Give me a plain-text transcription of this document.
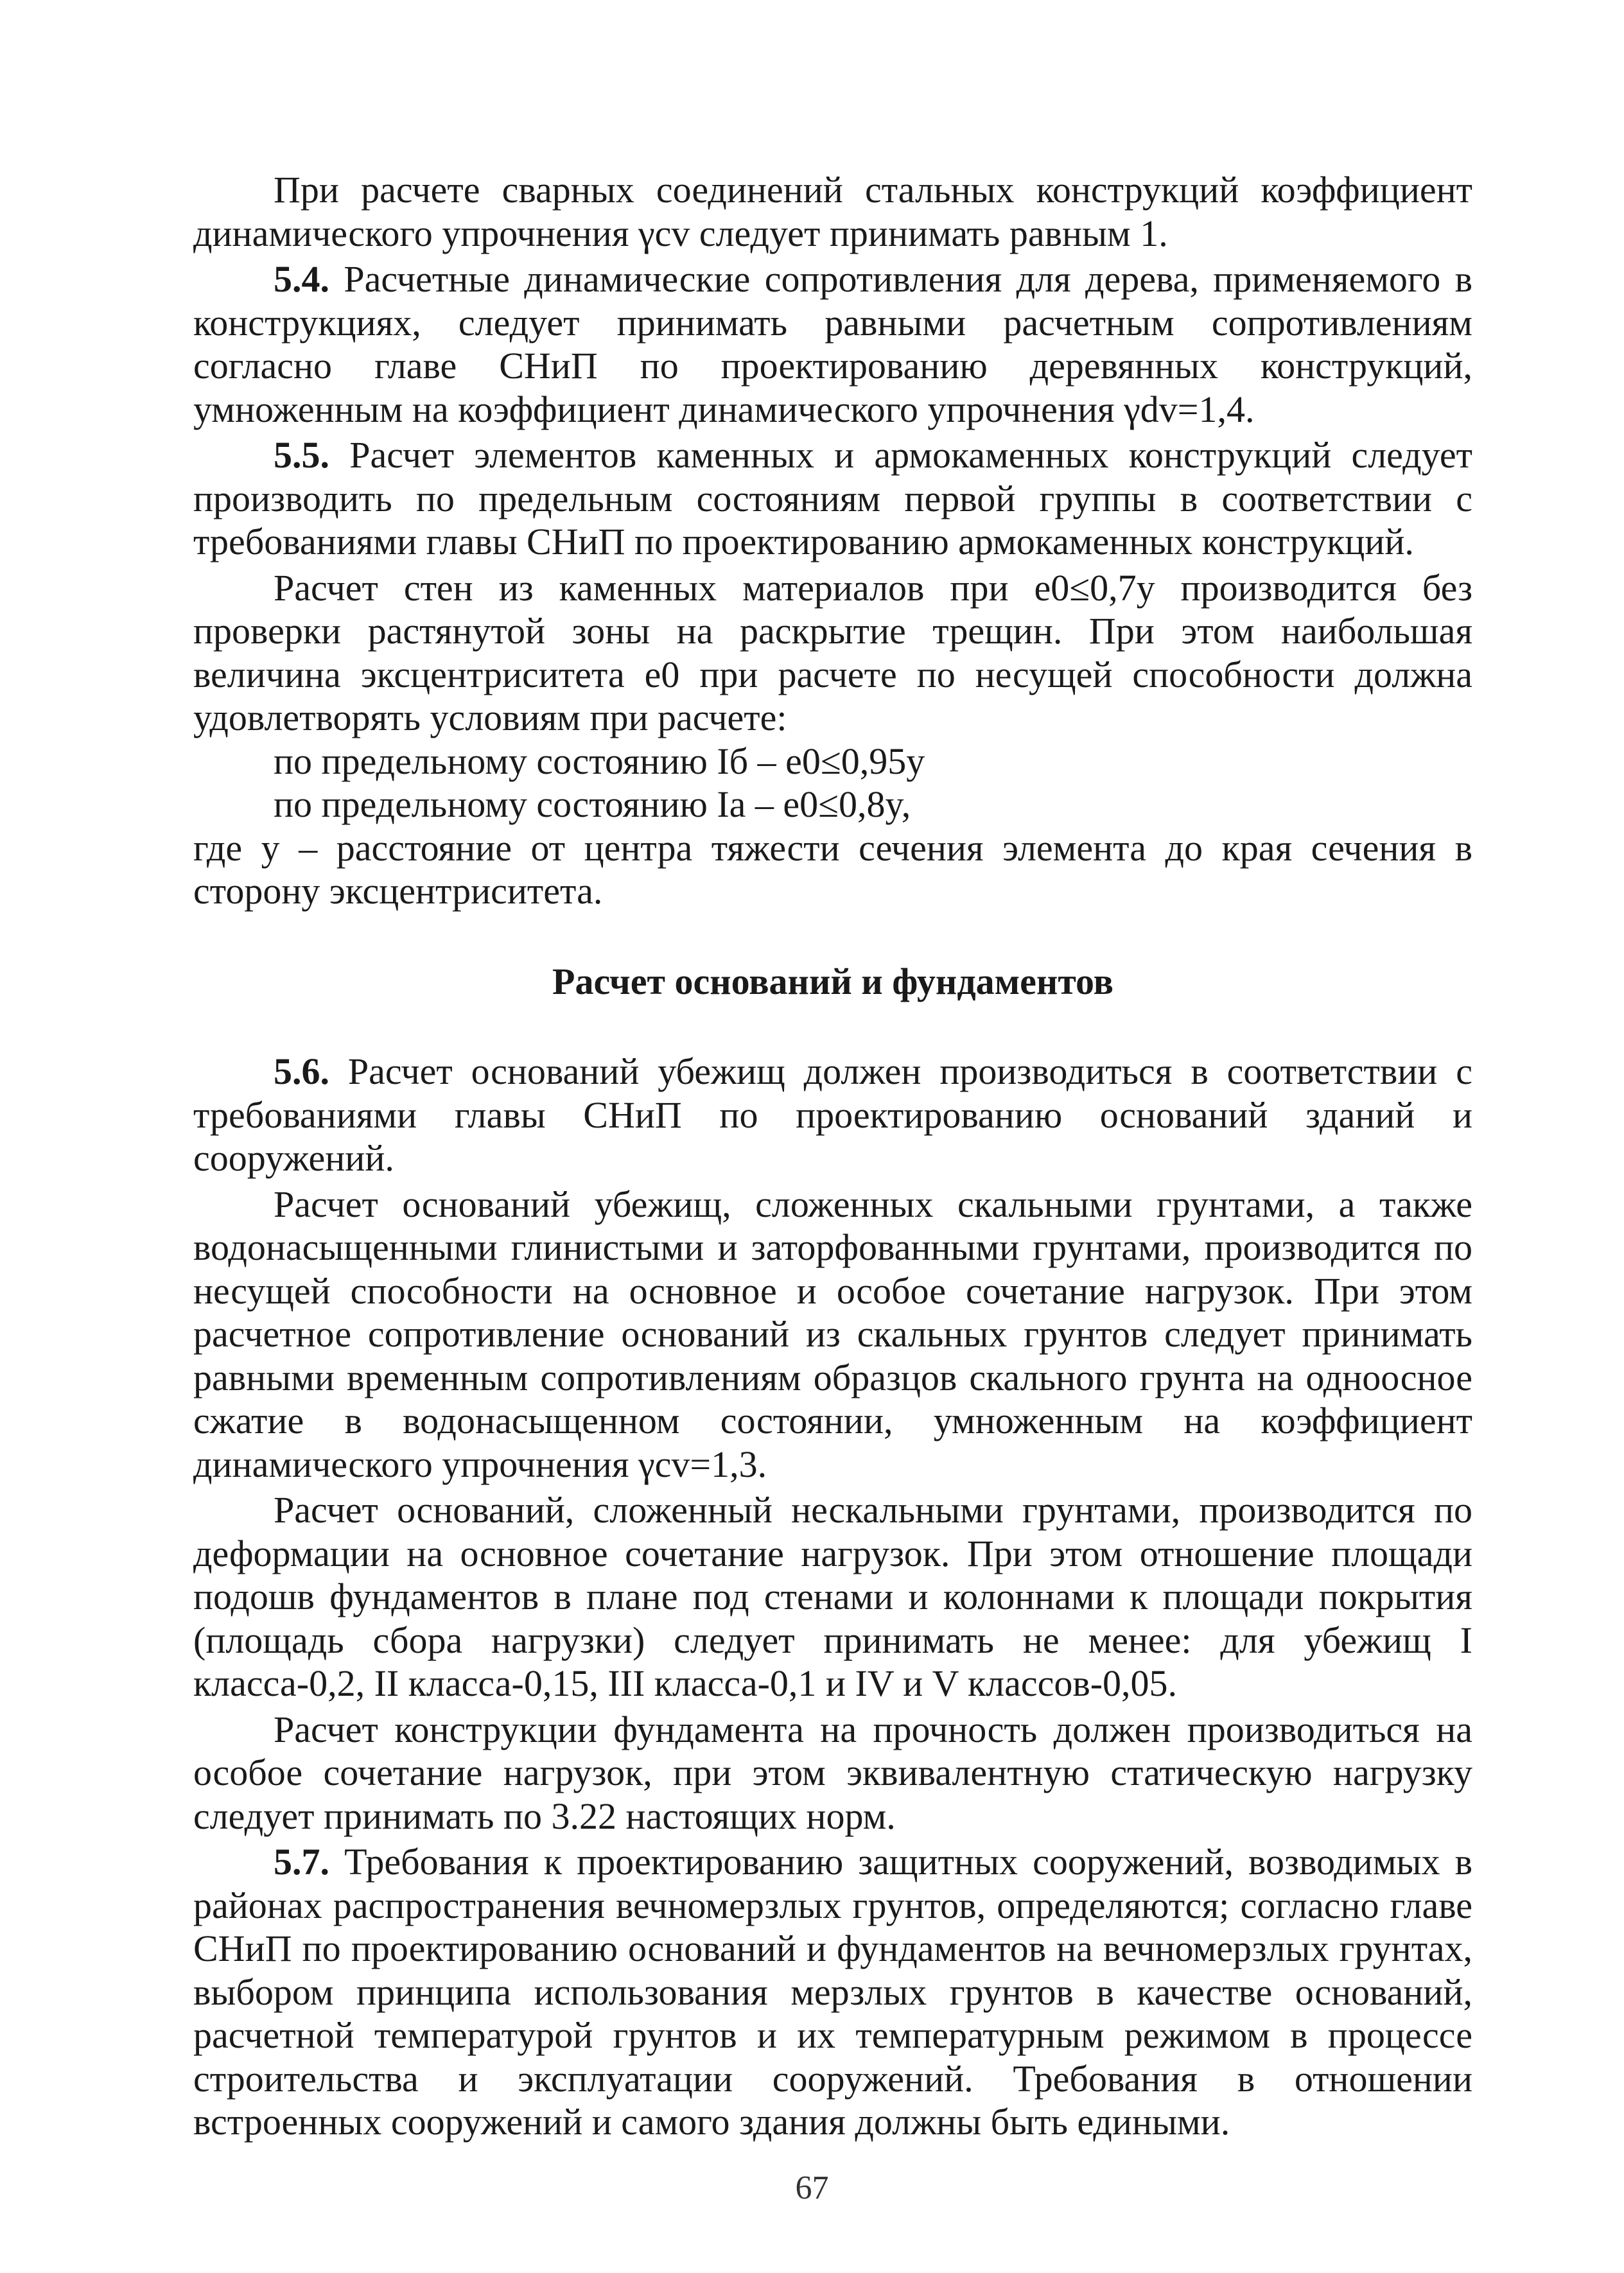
При расчете сварных соединений стальных конструкций коэффициент динамического упрочнения γсv следует принимать равным 1.

5.4. Расчетные динамические сопротивления для дерева, применяемого в конструкциях, следует принимать равными расчетным сопротивлениям согласно главе СНиП по проектированию деревянных конструкций, умноженным на коэффициент динамического упрочнения γdv=1,4.

5.5. Расчет элементов каменных и армокаменных конструкций следует производить по предельным состояниям первой группы в соответствии с требованиями главы СНиП по проектированию армокаменных конструкций.

Расчет стен из каменных материалов при e0≤0,7y производится без проверки растянутой зоны на раскрытие трещин. При этом наибольшая величина эксцентриситета e0 при расчете по несущей способности должна удовлетворять условиям при расчете:

по предельному состоянию Iб – e0≤0,95y

по предельному состоянию Ia – e0≤0,8y,

где y – расстояние от центра тяжести сечения элемента до края сечения в сторону эксцентриситета.

Расчет оснований и фундаментов

5.6. Расчет оснований убежищ должен производиться в соответствии с требованиями главы СНиП по проектированию оснований зданий и сооружений.

Расчет оснований убежищ, сложенных скальными грунтами, а также водонасыщенными глинистыми и заторфованными грунтами, производится по несущей способности на основное и особое сочетание нагрузок. При этом расчетное сопротивление оснований из скальных грунтов следует принимать равными временным сопротивлениям образцов скального грунта на одноосное сжатие в водонасыщенном состоянии, умноженным на коэффициент динамического упрочнения γcv=1,3.

Расчет оснований, сложенный нескальными грунтами, производится по деформации на основное сочетание нагрузок. При этом отношение площади подошв фундаментов в плане под стенами и колоннами к площади покрытия (площадь сбора нагрузки) следует принимать не менее: для убежищ I класса-0,2, II класса-0,15, III класса-0,1 и IV и V классов-0,05.

Расчет конструкции фундамента на прочность должен производиться на особое сочетание нагрузок, при этом эквивалентную статическую нагрузку следует принимать по 3.22 настоящих норм.

5.7. Требования к проектированию защитных сооружений, возводимых в районах распространения вечномерзлых грунтов, определяются; согласно главе СНиП по проектированию оснований и фундаментов на вечномерзлых грунтах, выбором принципа использования мерзлых грунтов в качестве оснований, расчетной температурой грунтов и их температурным режимом в процессе строительства и эксплуатации сооружений. Требования в отношении встроенных сооружений и самого здания должны быть едиными.

67
